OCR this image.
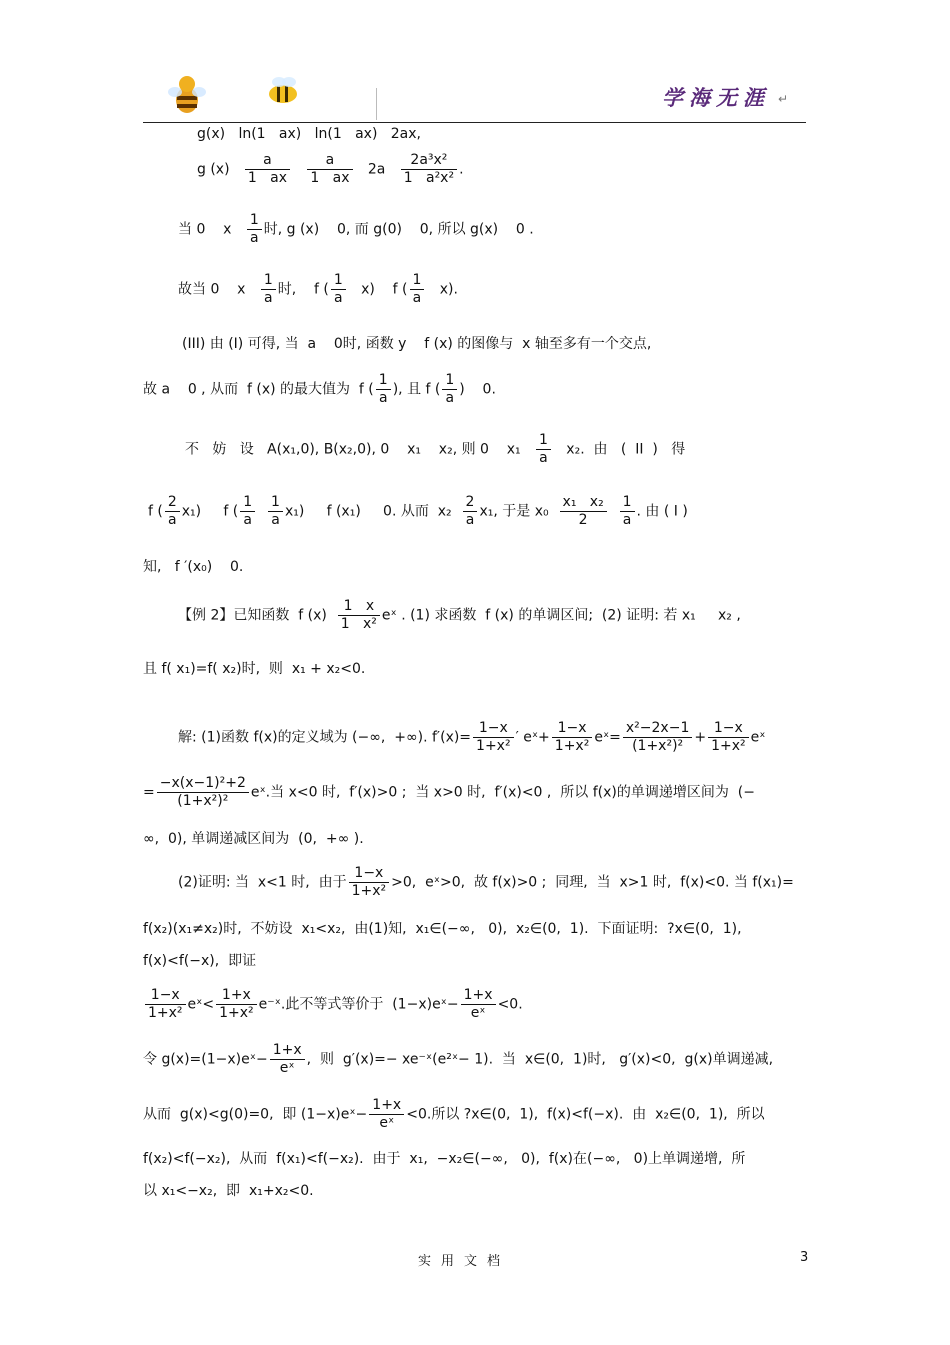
学海无涯 ↵
g(x)   ln(1   ax)   ln(1   ax)   2ax,
g $(x) \frac{a}{1 ax}$
$\frac{a}{1 ax} 2a \frac{\text{2a³x²}}{\text{1   a²x²}}$ .
当 0    x $\frac{1}{a}$ 时, g (x)    0, 而 g(0)    0, 所以 g(x)    0 .
故当 0    x $\frac{1}{a}$ 时,    f ( $\frac{1}{a} x$)    f ( $\frac{1}{a} x$).
(III) 由 (I) 可得, 当  a    0时, 函数 y    f (x) 的图像与  x 轴至多有一个交点,
故 a    0 , 从而  f (x) 的最大值为  f ( $\frac{1}{a}$ ), 且 f ( $\frac{1}{a}$ )    0.
不   妨   设   A(x₁,0), B(x₂,0), 0    x₁    x₂, 则 0    $x_1 \frac{1}{a} x_2$.  由   (  II  )   得
f ( $\frac{2}{a} x_1$)     f ( $\frac{1}{a}$
$\frac{1}{a} x_1$)     f (x₁)     0. 从而  $x_2 \frac{2}{a} x_1$, 于是 $x_0 \frac{\text{x₁   x₂}}{2}$
$\frac{1}{a}$ . 由 ( I )
知,   f ′(x₀)    0.
【例 2】已知函数  f $(x) \frac{1 x}{\text{1   x²}}$ eˣ . (1) 求函数  f (x) 的单调区间;  (2) 证明: 若 x₁     x₂ ,
且 f( x₁)=f( x₂)时,  则  x₁ + x₂<0.
解: (1)函数 f(x)的定义域为 (−∞,  +∞). $f'(x)= \frac{1-x}{\text{1+x²}}$ ′ eˣ+ $\frac{1-x}{\text{1+x²}}$ eˣ= $\frac{\text{x²−2x−1}}{\text{(1+x²)²}} + \frac{1-x}{\text{1+x²}}$ eˣ
= $\frac{\text{−x(x−1)²+2}}{\text{(1+x²)²}}$ eˣ.当 x<0 时,  f′(x)>0 ;  当 x>0 时,  f′(x)<0 ,  所以 f(x)的单调递增区间为  (−
∞,  0), 单调递减区间为  (0,  +∞ ).
(2)证明: 当  x<1 时,  由于 $\frac{1-x}{\text{1+x²}} >0$,  eˣ>0,  故 f(x)>0 ;  同理,  当  x>1 时,  f(x)<0. 当 f(x₁)=
f(x₂)(x₁≠x₂)时,  不妨设  x₁<x₂,  由(1)知,  x₁∈(−∞,   0),  x₂∈(0,  1).  下面证明:  ?x∈(0,  1),
f(x)<f(−x),  即证
$\frac{1-x}{\text{1+x²}}$ eˣ< $\frac{1+x}{\text{1+x²}}$ e⁻ˣ.此不等式等价于  (1−x)eˣ− $\frac{1+x}{\text{eˣ}} <0$.
令 g(x)=(1−x)eˣ− $\frac{1+x}{\text{eˣ}}$ ,  则  g′(x)=− xe⁻ˣ(e²ˣ− 1).  当  x∈(0,  1)时,   g′(x)<0,  g(x)单调递减,
从而  g(x)<g(0)=0,  即 (1−x)eˣ− $\frac{1+x}{\text{eˣ}} <0$.所以 ?x∈(0,  1),  f(x)<f(−x).  由  x₂∈(0,  1),  所以
f(x₂)<f(−x₂),  从而  f(x₁)<f(−x₂).  由于  x₁,  −x₂∈(−∞,   0),  f(x)在(−∞,   0)上单调递增,  所
以 x₁<−x₂,  即  x₁+x₂<0.
实用文档	3
